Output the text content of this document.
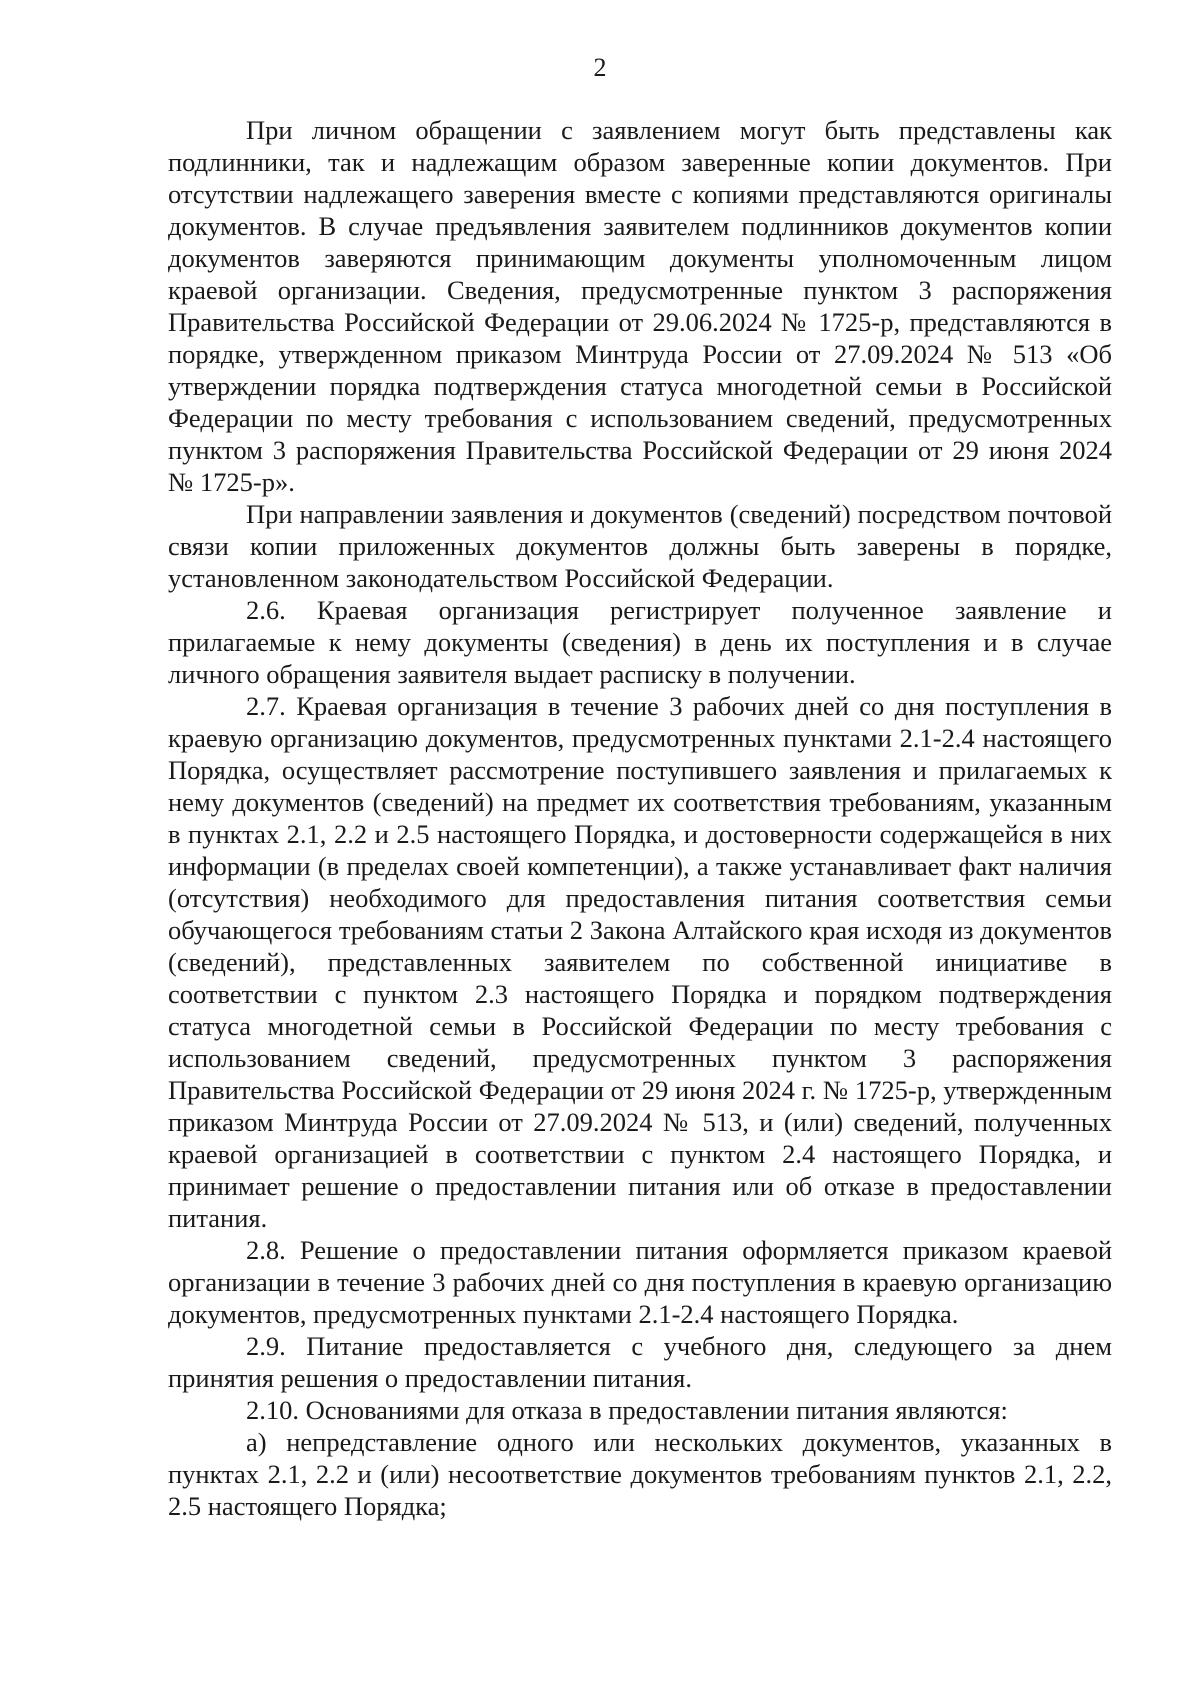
2

При личном обращении с заявлением могут быть представлены как подлинники, так и надлежащим образом заверенные копии документов. При отсутствии надлежащего заверения вместе с копиями представляются оригиналы документов. В случае предъявления заявителем подлинников документов копии документов заверяются принимающим документы уполномоченным лицом краевой организации. Сведения, предусмотренные пунктом 3 распоряжения Правительства Российской Федерации от 29.06.2024 № 1725-р, представляются в порядке, утвержденном приказом Минтруда России от 27.09.2024 № 513 «Об утверждении порядка подтверждения статуса многодетной семьи в Российской Федерации по месту требования с использованием сведений, предусмотренных пунктом 3 распоряжения Правительства Российской Федерации от 29 июня 2024 № 1725-р».

При направлении заявления и документов (сведений) посредством почтовой связи копии приложенных документов должны быть заверены в порядке, установленном законодательством Российской Федерации.

2.6. Краевая организация регистрирует полученное заявление и прилагаемые к нему документы (сведения) в день их поступления и в случае личного обращения заявителя выдает расписку в получении.

2.7. Краевая организация в течение 3 рабочих дней со дня поступления в краевую организацию документов, предусмотренных пунктами 2.1-2.4 настоящего Порядка, осуществляет рассмотрение поступившего заявления и прилагаемых к нему документов (сведений) на предмет их соответствия требованиям, указанным в пунктах 2.1, 2.2 и 2.5 настоящего Порядка, и достоверности содержащейся в них информации (в пределах своей компетенции), а также устанавливает факт наличия (отсутствия) необходимого для предоставления питания соответствия семьи обучающегося требованиям статьи 2 Закона Алтайского края исходя из документов (сведений), представленных заявителем по собственной инициативе в соответствии с пунктом 2.3 настоящего Порядка и порядком подтверждения статуса многодетной семьи в Российской Федерации по месту требования с использованием сведений, предусмотренных пунктом 3 распоряжения Правительства Российской Федерации от 29 июня 2024 г. № 1725-р, утвержденным приказом Минтруда России от 27.09.2024 № 513, и (или) сведений, полученных краевой организацией в соответствии с пунктом 2.4 настоящего Порядка, и принимает решение о предоставлении питания или об отказе в предоставлении питания.

2.8. Решение о предоставлении питания оформляется приказом краевой организации в течение 3 рабочих дней со дня поступления в краевую организацию документов, предусмотренных пунктами 2.1-2.4 настоящего Порядка.

2.9. Питание предоставляется с учебного дня, следующего за днем принятия решения о предоставлении питания.

2.10. Основаниями для отказа в предоставлении питания являются:

а) непредставление одного или нескольких документов, указанных в пунктах 2.1, 2.2 и (или) несоответствие документов требованиям пунктов 2.1, 2.2, 2.5 настоящего Порядка;
